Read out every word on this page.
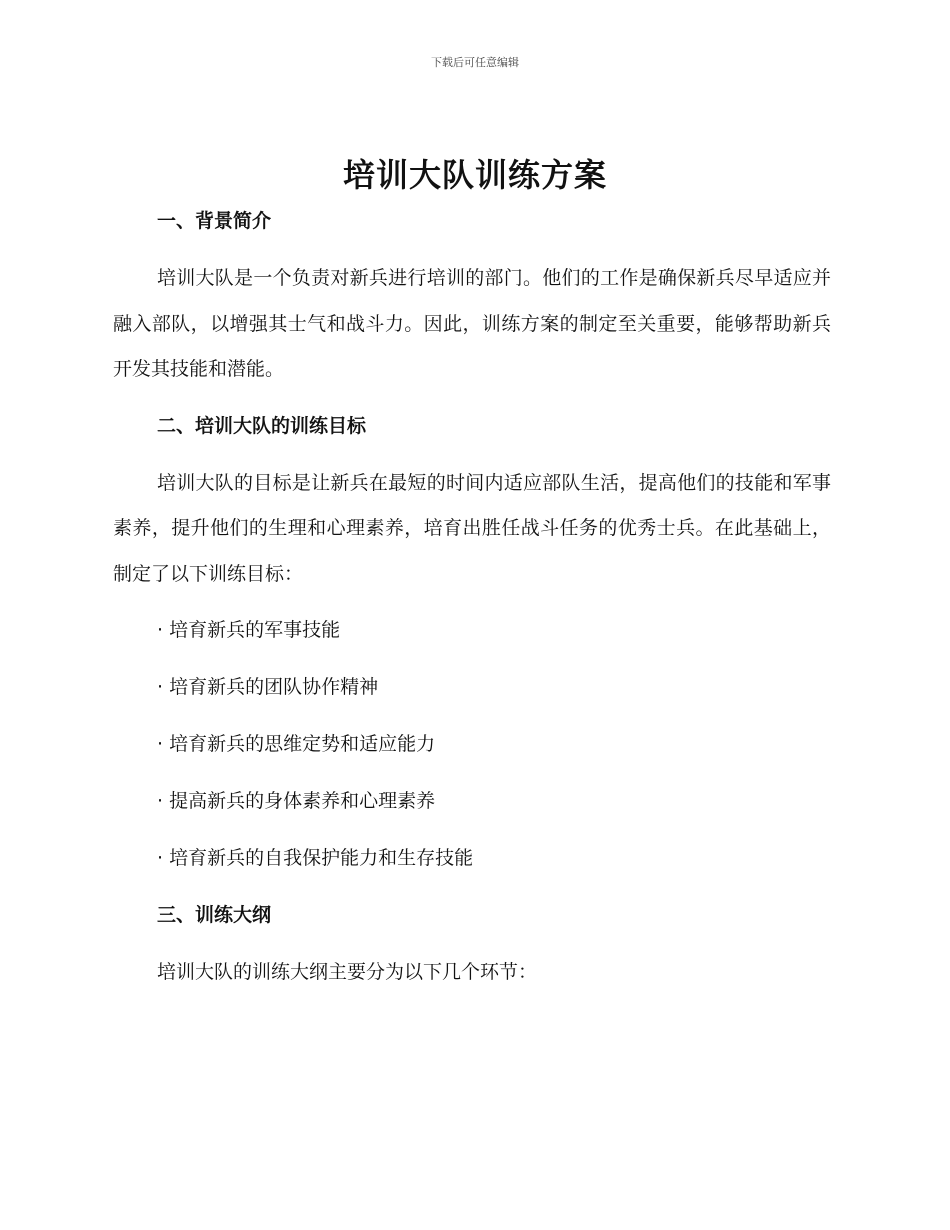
下载后可任意编辑
培训大队训练方案
一、背景简介

培训大队是一个负责对新兵进行培训的部门。他们的工作是确保新兵尽早适应并融入部队，以增强其士气和战斗力。因此，训练方案的制定至关重要，能够帮助新兵开发其技能和潜能。

二、培训大队的训练目标

培训大队的目标是让新兵在最短的时间内适应部队生活，提高他们的技能和军事素养，提升他们的生理和心理素养，培育出胜任战斗任务的优秀士兵。在此基础上，制定了以下训练目标：

· 培育新兵的军事技能
· 培育新兵的团队协作精神
· 培育新兵的思维定势和适应能力
· 提高新兵的身体素养和心理素养
· 培育新兵的自我保护能力和生存技能
三、训练大纲

培训大队的训练大纲主要分为以下几个环节：
